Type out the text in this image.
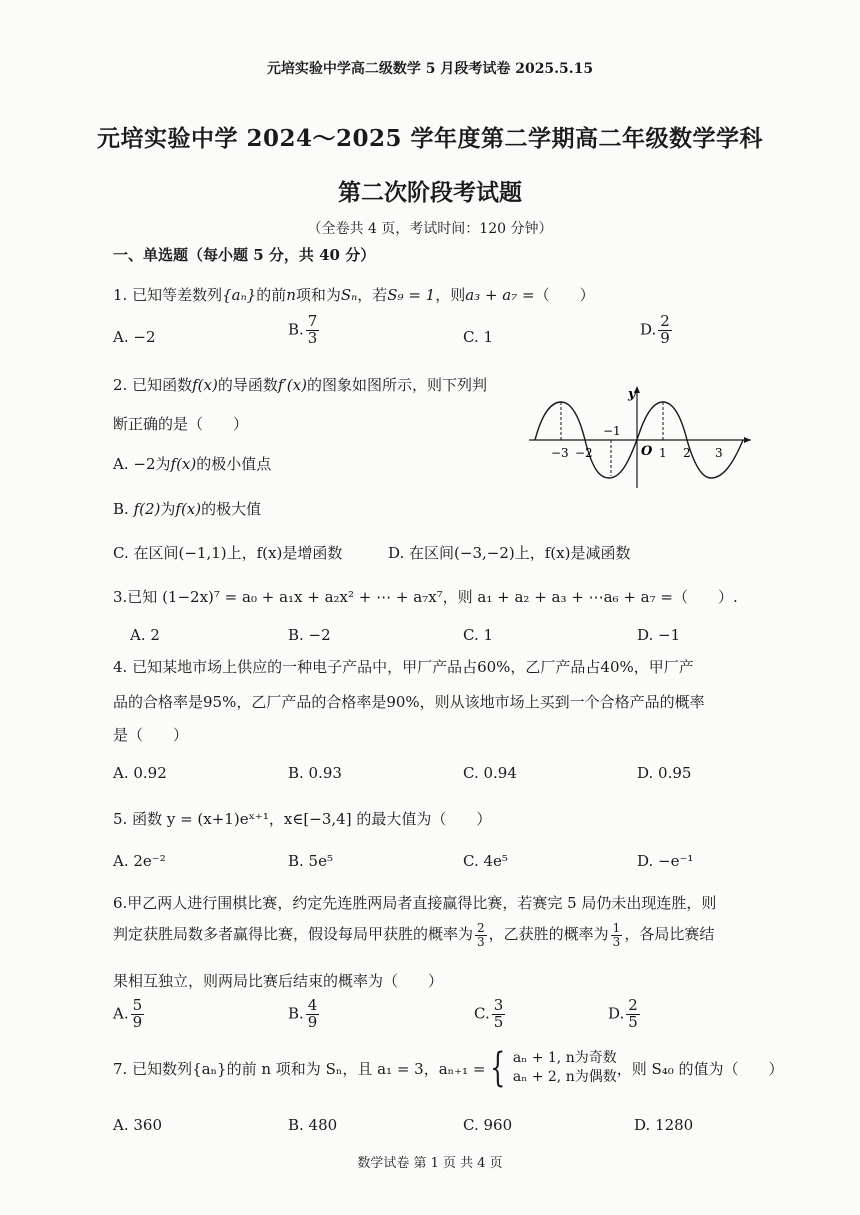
元培实验中学高二级数学 5 月段考试卷 2025.5.15
元培实验中学 2024～2025 学年度第二学期高二年级数学学科
第二次阶段考试题
（全卷共 4 页，考试时间：120 分钟）
一、单选题（每小题 5 分，共 40 分）
1. 已知等差数列{aₙ}的前n项和为Sₙ，若S₉ = 1，则a₃ + a₇ =（　　）
A. −2	B. $\frac{7}{3}$	C. 1	D. $\frac{2}{9}$
2. 已知函数f(x)的导函数f′(x)的图象如图所示，则下列判
断正确的是（　　）
A. −2为f(x)的极小值点
B. f(2)为f(x)的极大值
C. 在区间(−1,1)上，f(x)是增函数	D. 在区间(−3,−2)上，f(x)是减函数
y
−3 −2
−1
O 1 2 3
3.已知 (1−2x)⁷ = a₀ + a₁x + a₂x² + ⋯ + a₇x⁷，则 a₁ + a₂ + a₃ + ⋯a₆ + a₇ =（　　）.
A. 2	B. −2	C. 1	D. −1
4. 已知某地市场上供应的一种电子产品中，甲厂产品占60%，乙厂产品占40%，甲厂产
品的合格率是95%，乙厂产品的合格率是90%，则从该地市场上买到一个合格产品的概率
是（　　）
A. 0.92	B. 0.93	C. 0.94	D. 0.95
5. 函数 y = (x+1)eˣ⁺¹，x∈[−3,4] 的最大值为（　　）
A. 2e⁻²	B. 5e⁵	C. 4e⁵	D. −e⁻¹
6.甲乙两人进行围棋比赛，约定先连胜两局者直接赢得比赛，若赛完 5 局仍未出现连胜，则
判定获胜局数多者赢得比赛，假设每局甲获胜的概率为 $\frac{2}{3}$ ，乙获胜的概率为 $\frac{1}{3}$ ，各局比赛结
果相互独立，则两局比赛后结束的概率为（　　）
A. $\frac{5}{9}$	B. $\frac{4}{9}$	C. $\frac{3}{5}$	D. $\frac{2}{5}$
7. 已知数列{aₙ}的前 n 项和为 Sₙ，且 a₁ = 3，aₙ₊₁ = { aₙ + 1, n为奇数
aₙ + 2, n为偶数 ，则 S₄₀ 的值为（　　）
A. 360	B. 480	C. 960	D. 1280
数学试卷 第 1 页 共 4 页
